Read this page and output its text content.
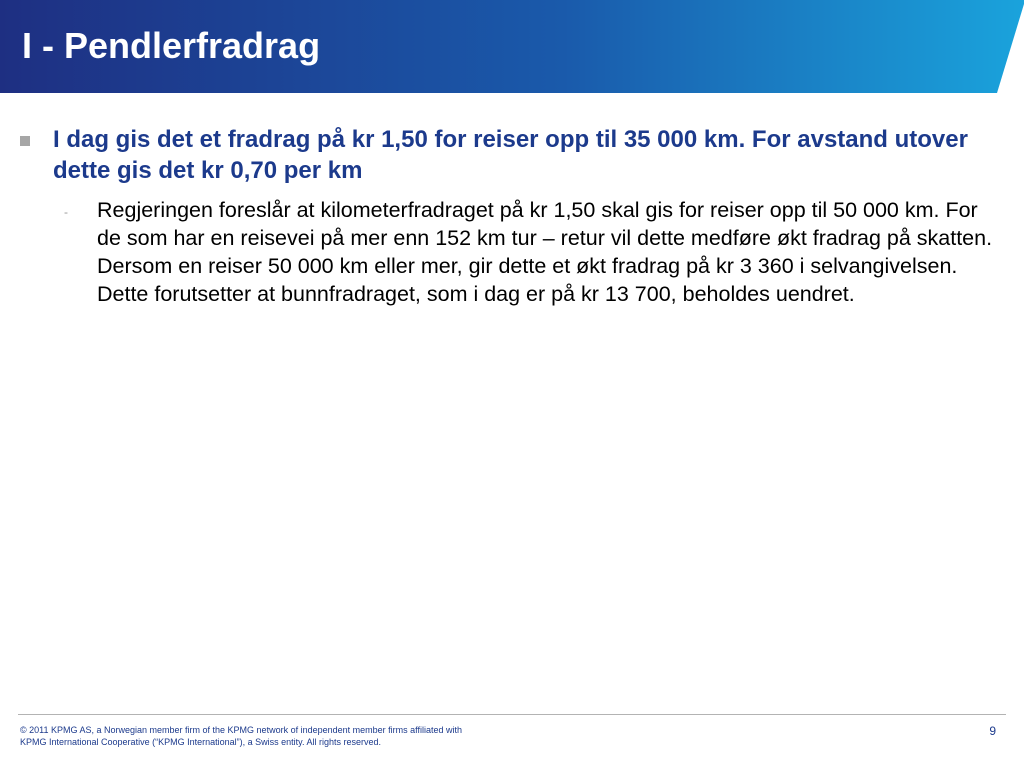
I - Pendlerfradrag

I dag gis det et fradrag på kr 1,50 for reiser opp til 35 000 km. For avstand utover dette gis det kr 0,70 per km

- Regjeringen foreslår at kilometerfradraget på kr 1,50 skal gis for reiser opp til 50 000 km. For de som har en reisevei på mer enn 152 km tur – retur vil dette medføre økt fradrag på skatten. Dersom en reiser 50 000 km eller mer, gir dette et økt fradrag på kr 3 360 i selvangivelsen. Dette forutsetter at bunnfradraget, som i dag er på kr 13 700, beholdes uendret.

© 2011 KPMG AS, a Norwegian member firm of the KPMG network of independent member firms affiliated with
KPMG International Cooperative (“KPMG International”), a Swiss entity. All rights reserved.

9
